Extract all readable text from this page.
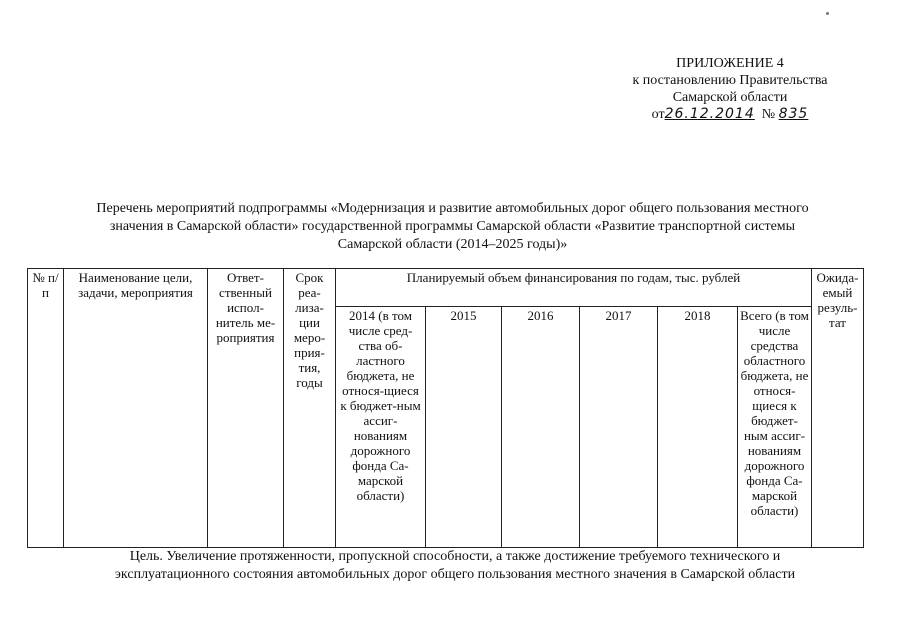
ПРИЛОЖЕНИЕ 4
к постановлению Правительства
Самарской области
от26.12.2014 № 835
Перечень мероприятий подпрограммы «Модернизация и развитие автомобильных дорог общего пользования местного
значения в Самарской области» государственной программы Самарской области «Развитие транспортной системы
Самарской области (2014–2025 годы)»
№ п/п	Наименование цели, задачи, мероприятия	Ответ-ственный испол-нитель ме-роприятия	Срок реа-лиза-ции меро-прия-тия, годы	Планируемый объем финансирования по годам, тыс. рублей						Ожида-емый резуль-тат
				2014 (в том числе сред-ства об-ластного бюджета, не относя-щиеся к бюджет-ным ассиг-нованиям дорожного фонда Са-марской области)	2015	2016	2017	2018	Всего (в том числе средства областного бюджета, не относя-щиеся к бюджет-ным ассиг-нованиям дорожного фонда Са-марской области)	
Цель. Увеличение протяженности, пропускной способности, а также достижение требуемого технического и
эксплуатационного состояния автомобильных дорог общего пользования местного значения в Самарской области
